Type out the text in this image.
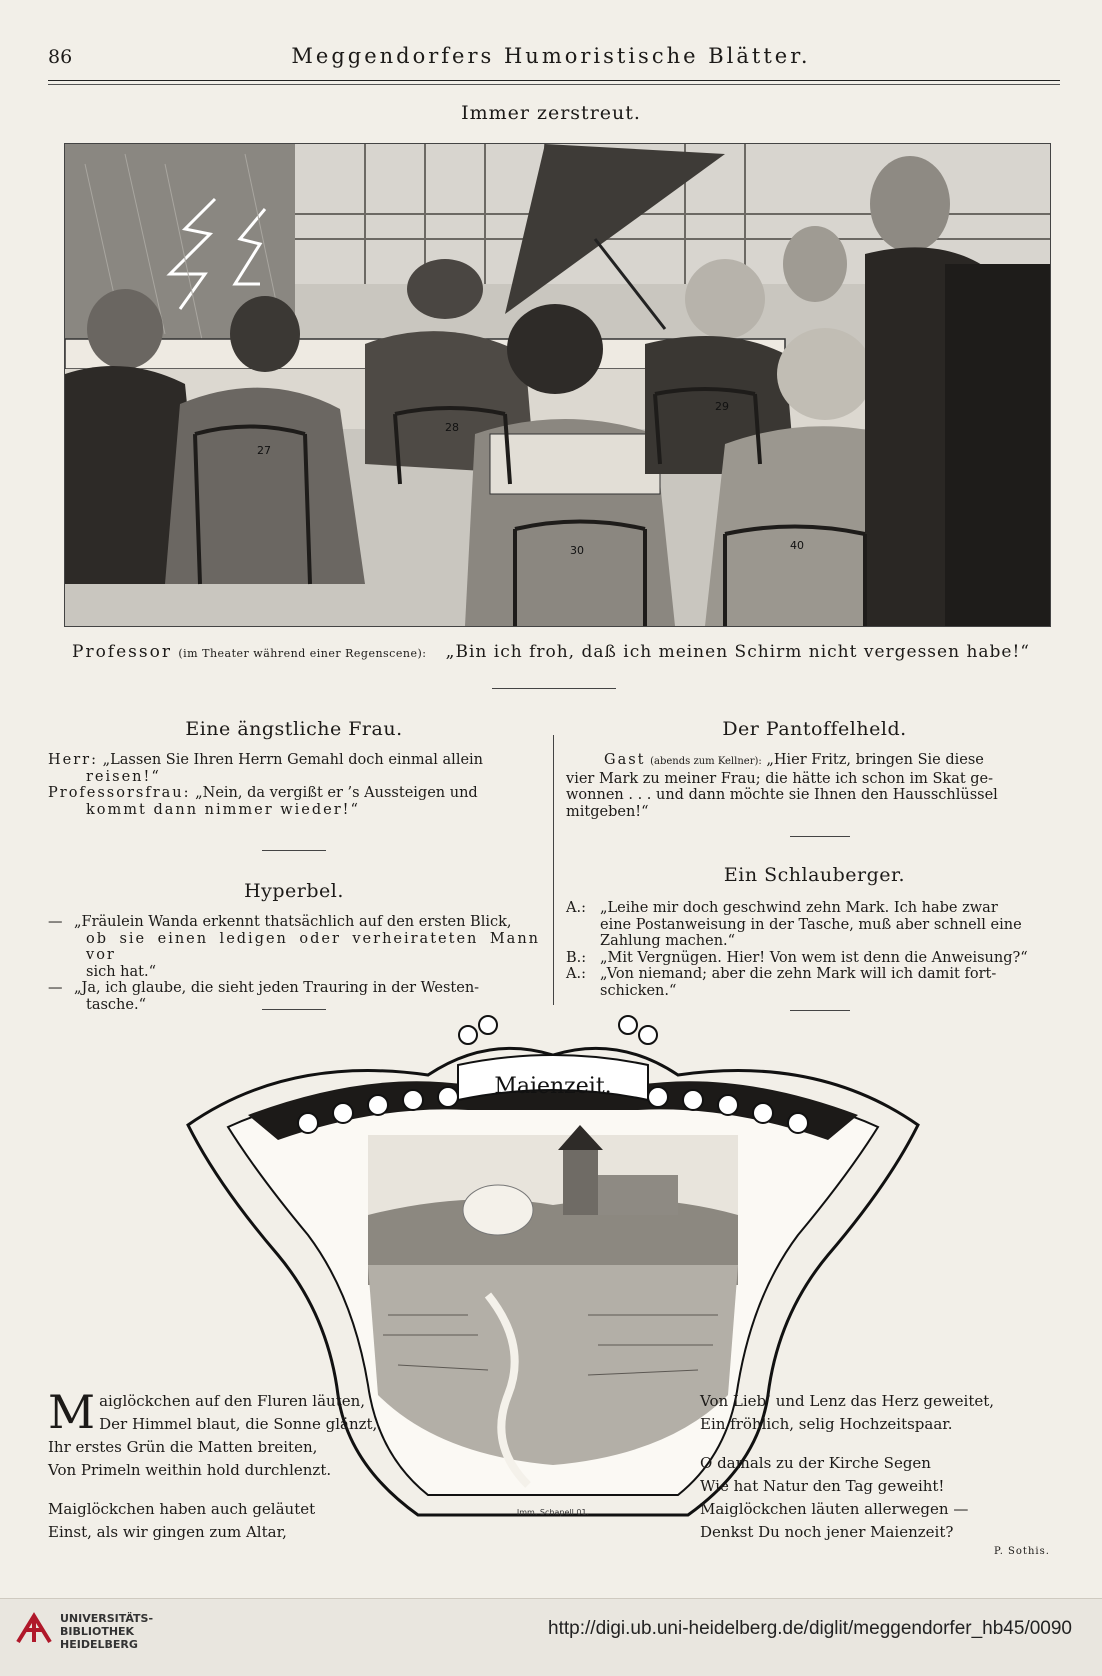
86	Meggendorfers Humoristische Blätter.
Immer zerstreut.
27
28
29
30	40
Professor (im Theater während einer Regenscene): „Bin ich froh, daß ich meinen Schirm nicht vergessen habe!“
Eine ängstliche Frau.
Herr: „Lassen Sie Ihren Herrn Gemahl doch einmal allein
reisen!“
Professorsfrau: „Nein, da vergißt er ’s Aussteigen und
kommt dann nimmer wieder!“
Hyperbel.
— „Fräulein Wanda erkennt thatsächlich auf den ersten Blick,
ob sie einen ledigen oder verheirateten Mann vor
sich hat.“
— „Ja, ich glaube, die sieht jeden Trauring in der Westen-
tasche.“
Der Pantoffelheld.
Gast (abends zum Kellner): „Hier Fritz, bringen Sie diese
vier Mark zu meiner Frau; die hätte ich schon im Skat ge-
wonnen . . . und dann möchte sie Ihnen den Hausschlüssel
mitgeben!“
Ein Schlauberger.
A.: „Leihe mir doch geschwind zehn Mark. Ich habe zwar
eine Postanweisung in der Tasche, muß aber schnell eine
Zahlung machen.“
B.: „Mit Vergnügen. Hier! Von wem ist denn die Anweisung?“
A.: „Von niemand; aber die zehn Mark will ich damit fort-
schicken.“
Maienzeit.
Imm. Schapell 01.
M aiglöckchen auf den Fluren läuten,
Der Himmel blaut, die Sonne glänzt,
Ihr erstes Grün die Matten breiten,
Von Primeln weithin hold durchlenzt.
Maiglöckchen haben auch geläutet
Einst, als wir gingen zum Altar,
Von Lieb’ und Lenz das Herz geweitet,
Ein fröhlich, selig Hochzeitspaar.
O damals zu der Kirche Segen
Wie hat Natur den Tag geweiht!
Maiglöckchen läuten allerwegen —
Denkst Du noch jener Maienzeit?
P. Sothis.
UNIVERSITÄTS-
BIBLIOTHEK
HEIDELBERG
http://digi.ub.uni-heidelberg.de/diglit/meggendorfer_hb45/0090
